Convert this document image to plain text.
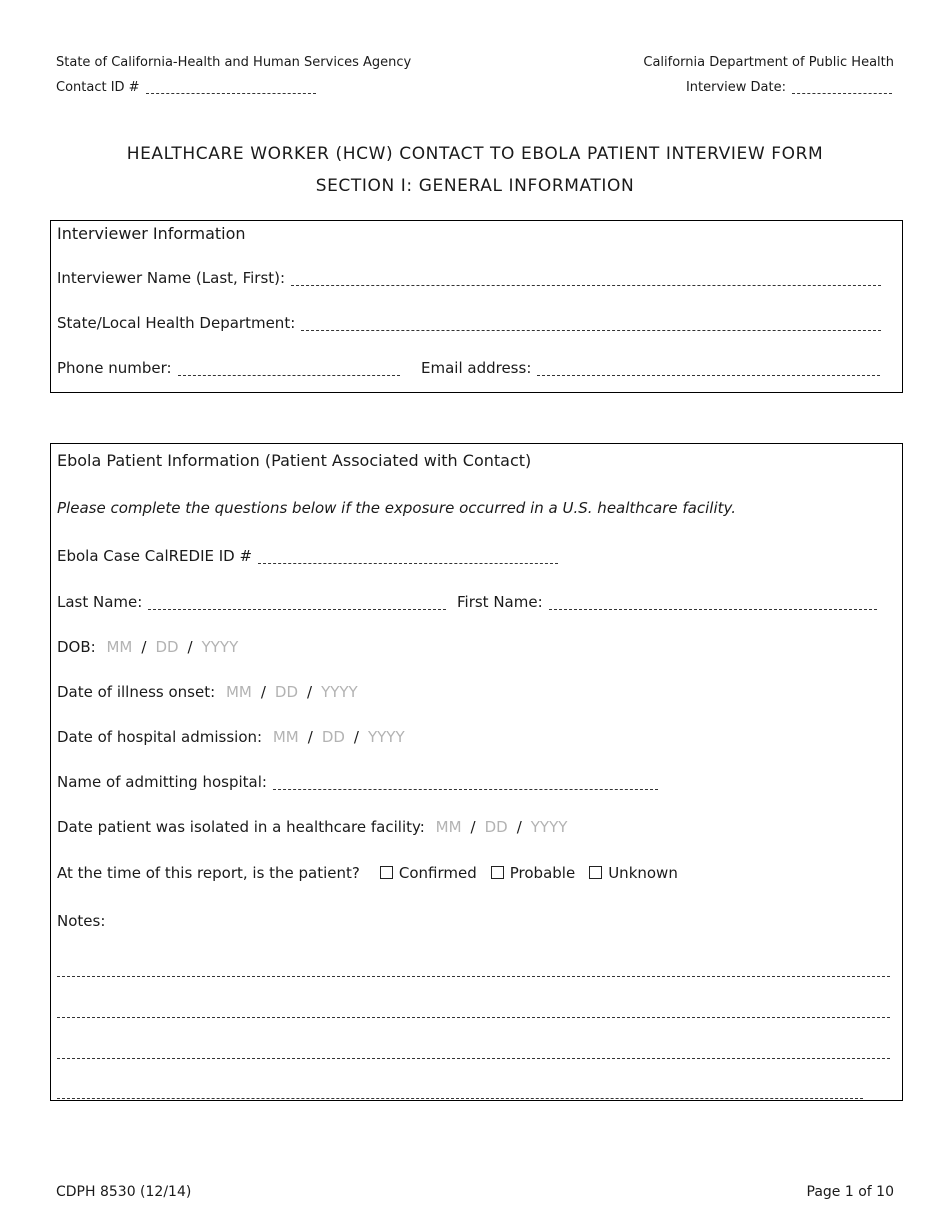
State of California-Health and Human Services Agency	California Department of Public Health
Contact ID #	Interview Date:
HEALTHCARE WORKER (HCW) CONTACT TO EBOLA PATIENT INTERVIEW FORM
SECTION I: GENERAL INFORMATION
Interviewer Information
Interviewer Name (Last, First):
State/Local Health Department:
Phone number:	Email address:
Ebola Patient Information (Patient Associated with Contact)
Please complete the questions below if the exposure occurred in a U.S. healthcare facility.
Ebola Case CalREDIE ID #
Last Name:	First Name:
DOB: MM / DD / YYYY
Date of illness onset: MM / DD / YYYY
Date of hospital admission: MM / DD / YYYY
Name of admitting hospital:
Date patient was isolated in a healthcare facility: MM / DD / YYYY
At the time of this report, is the patient?	Confirmed Probable Unknown
Notes:
CDPH 8530 (12/14)	Page 1 of 10
